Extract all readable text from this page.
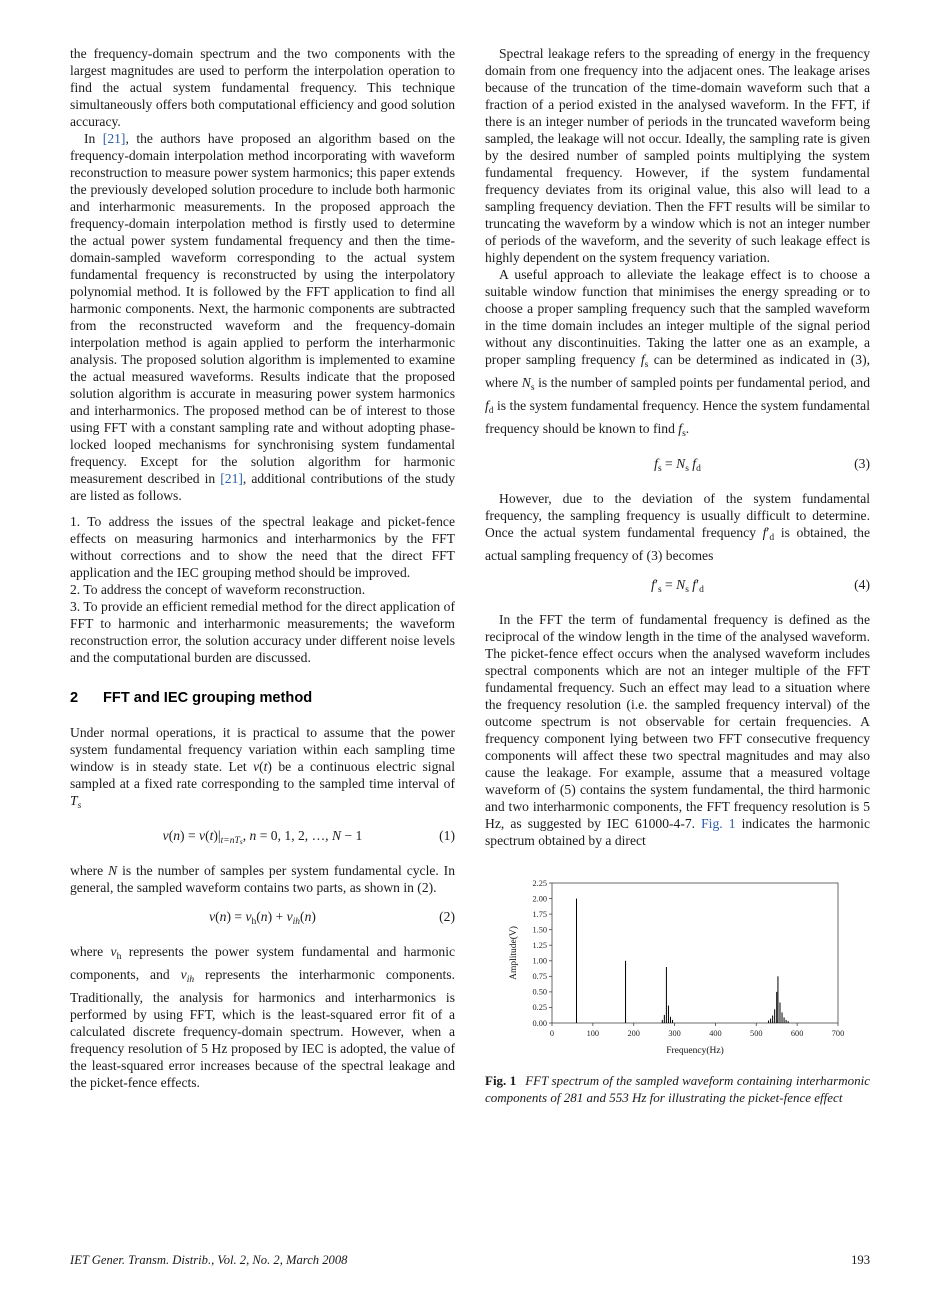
the frequency-domain spectrum and the two components with the largest magnitudes are used to perform the interpolation operation to find the actual system fundamental frequency. This technique simultaneously offers both computational efficiency and good solution accuracy.

In [21], the authors have proposed an algorithm based on the frequency-domain interpolation method incorporating with waveform reconstruction to measure power system harmonics; this paper extends the previously developed solution procedure to include both harmonic and interharmonic measurements. In the proposed approach the frequency-domain interpolation method is firstly used to determine the actual power system fundamental frequency and then the time-domain-sampled waveform corresponding to the actual system fundamental frequency is reconstructed by using the interpolatory polynomial method. It is followed by the FFT application to find all harmonic components. Next, the harmonic components are subtracted from the reconstructed waveform and the frequency-domain interpolation method is again applied to perform the interharmonic analysis. The proposed solution algorithm is implemented to examine the actual measured waveforms. Results indicate that the proposed solution algorithm is accurate in measuring power system harmonics and interharmonics. The proposed method can be of interest to those using FFT with a constant sampling rate and without adopting phase-locked looped mechanisms for synchronising system fundamental frequency. Except for the solution algorithm for harmonic measurement described in [21], additional contributions of the study are listed as follows.

1. To address the issues of the spectral leakage and picket-fence effects on measuring harmonics and interharmonics by the FFT without corrections and to show the need that the direct FFT application and the IEC grouping method should be improved.

2. To address the concept of waveform reconstruction.

3. To provide an efficient remedial method for the direct application of FFT to harmonic and interharmonic measurements; the waveform reconstruction error, the solution accuracy under different noise levels and the computational burden are discussed.

2	FFT and IEC grouping method

Under normal operations, it is practical to assume that the power system fundamental frequency variation within each sampling time window is in steady state. Let v(t) be a continuous electric signal sampled at a fixed rate corresponding to the sampled time interval of $T_s$

$v(n) = v(t)|_{t=nTs}$, n = 0, 1, 2, …, N − 1	(1)

where N is the number of samples per system fundamental cycle. In general, the sampled waveform contains two parts, as shown in (2).

$v(n) = v_h(n) + v_{ih}(n)$	(2)

where $v_h$ represents the power system fundamental and harmonic components, and $v_{ih}$ represents the interharmonic components. Traditionally, the analysis for harmonics and interharmonics is performed by using FFT, which is the least-squared error fit of a calculated discrete frequency-domain spectrum. However, when a frequency resolution of 5 Hz proposed by IEC is adopted, the value of the least-squared error increases because of the spectral leakage and the picket-fence effects.

Spectral leakage refers to the spreading of energy in the frequency domain from one frequency into the adjacent ones. The leakage arises because of the truncation of the time-domain waveform such that a fraction of a period existed in the analysed waveform. In the FFT, if there is an integer number of periods in the truncated waveform being sampled, the leakage will not occur. Ideally, the sampling rate is given by the desired number of sampled points multiplying the system fundamental frequency. However, if the system fundamental frequency deviates from its original value, this also will lead to a sampling frequency deviation. Then the FFT results will be similar to truncating the waveform by a window which is not an integer number of periods of the waveform, and the severity of such leakage effect is highly dependent on the system frequency variation.

A useful approach to alleviate the leakage effect is to choose a suitable window function that minimises the energy spreading or to choose a proper sampling frequency such that the sampled waveform in the time domain includes an integer multiple of the signal period without any discontinuities. Taking the latter one as an example, a proper sampling frequency $f_s$ can be determined as indicated in (3), where $N_s$ is the number of sampled points per fundamental period, and $f_d$ is the system fundamental frequency. Hence the system fundamental frequency should be known to find $f_s$.

$f_s = N_s$ $f_d$	(3)

However, due to the deviation of the system fundamental frequency, the sampling frequency is usually difficult to determine. Once the actual system fundamental frequency $f'_d$ is obtained, the actual sampling frequency of (3) becomes

$f'_s = N_s$ $f'_d$	(4)

In the FFT the term of fundamental frequency is defined as the reciprocal of the window length in the time of the analysed waveform. The picket-fence effect occurs when the analysed waveform includes spectral components which are not an integer multiple of the FFT fundamental frequency. Such an effect may lead to a situation where the frequency resolution (i.e. the sampled frequency interval) of the outcome spectrum is not observable for certain frequencies. A frequency component lying between two FFT consecutive frequency components will affect these two spectral magnitudes and may also cause the leakage. For example, assume that a measured voltage waveform of (5) contains the system fundamental, the third harmonic and two interharmonic components, the FFT frequency resolution is 5 Hz, as suggested by IEC 61000-4-7. Fig. 1 indicates the harmonic spectrum obtained by a direct

0.00
0.25
0.50
0.75
1.00
1.25
1.50
1.75
2.00
2.25
0	100	200	300	400	500	600	700
Frequency(Hz)
Amplitude(V)
Fig. 1 FFT spectrum of the sampled waveform containing interharmonic components of 281 and 553 Hz for illustrating the picket-fence effect
IET Gener. Transm. Distrib., Vol. 2, No. 2, March 2008	193
